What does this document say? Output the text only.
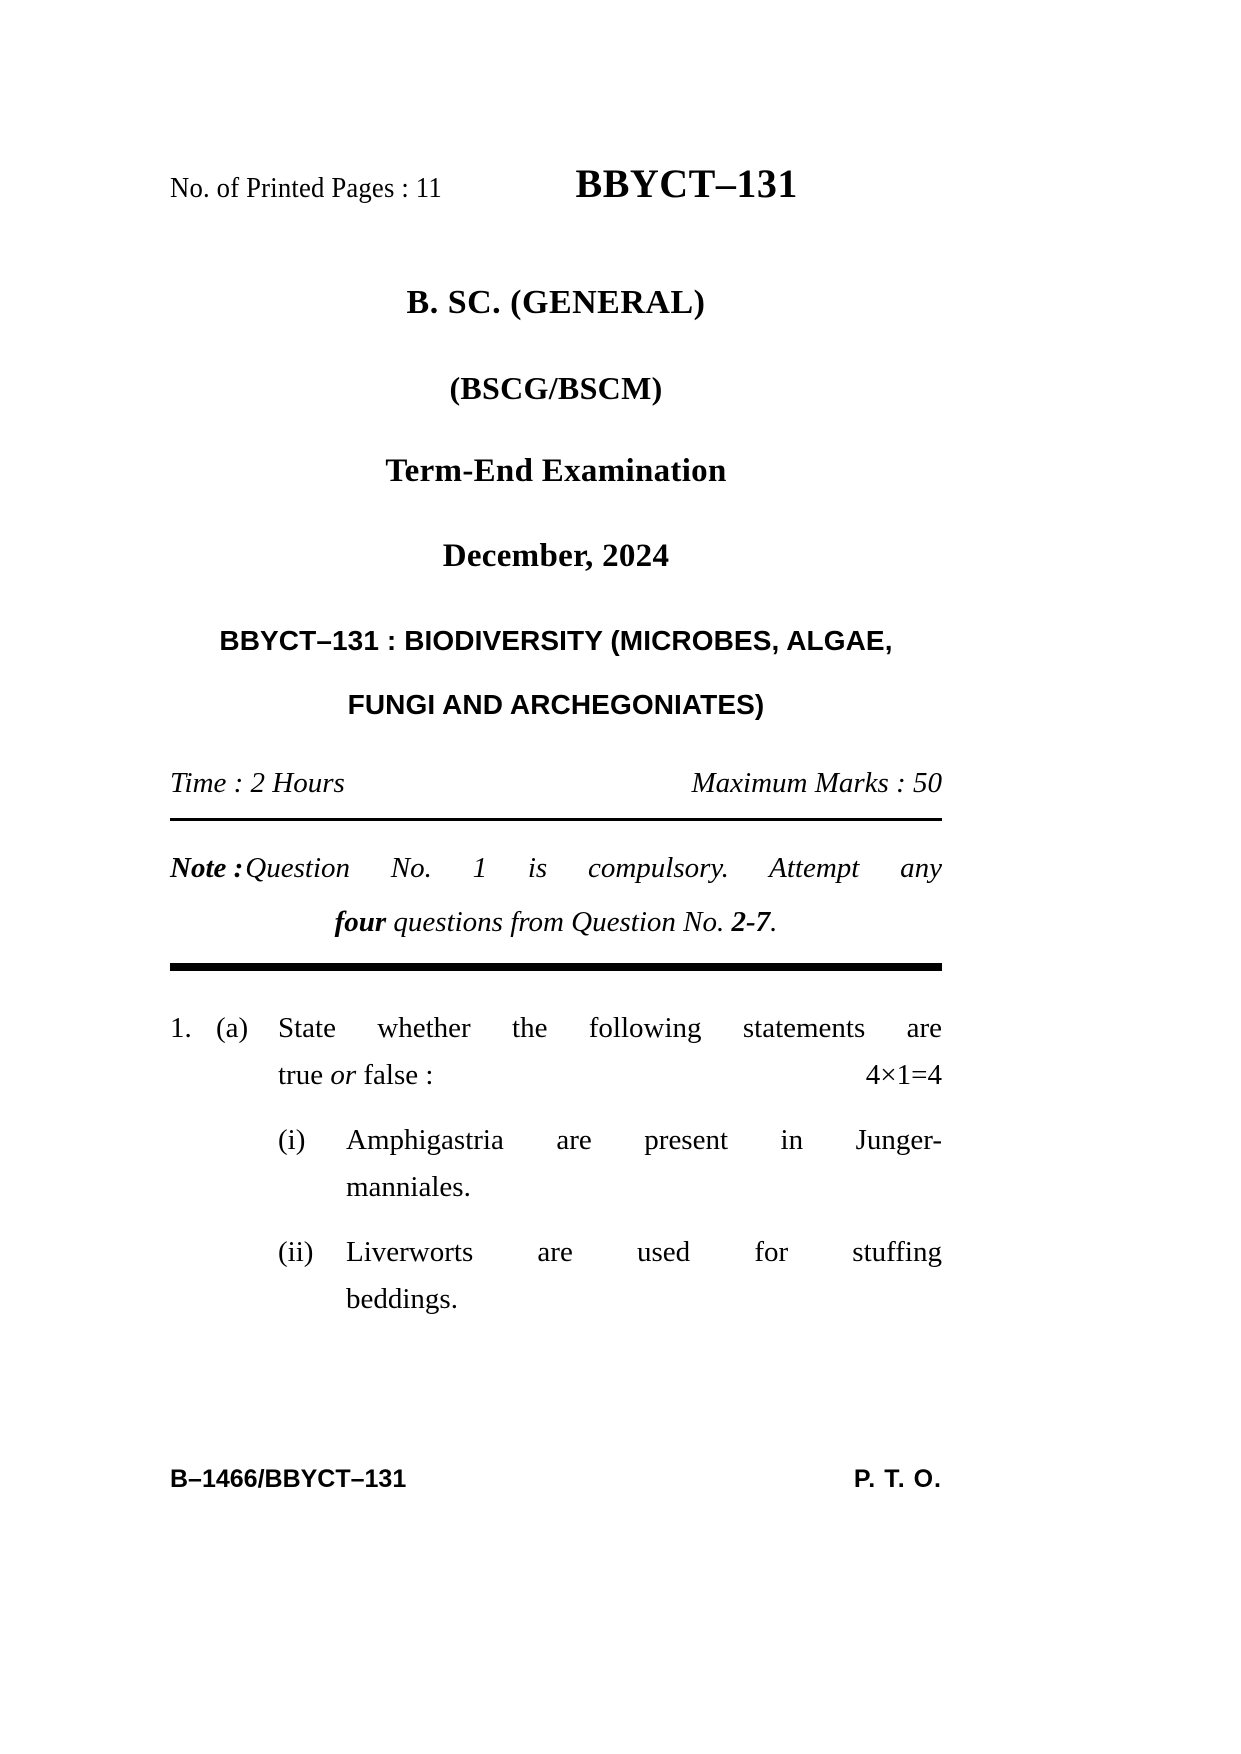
No. of Printed Pages : 11	BBYCT–131
B. SC. (GENERAL)
(BSCG/BSCM)
Term-End Examination
December, 2024
BBYCT–131 : BIODIVERSITY (MICROBES, ALGAE,
FUNGI AND ARCHEGONIATES)
Time : 2 Hours	Maximum Marks : 50
Note : Question No. 1 is compulsory. Attempt any
four questions from Question No. 2-7.
1. (a)	State whether the following statements are
true or false :	4×1=4
(i)	Amphigastria are present in Junger-
manniales.
(ii)	Liverworts are used for stuffing
beddings.
B–1466/BBYCT–131	P. T. O.
